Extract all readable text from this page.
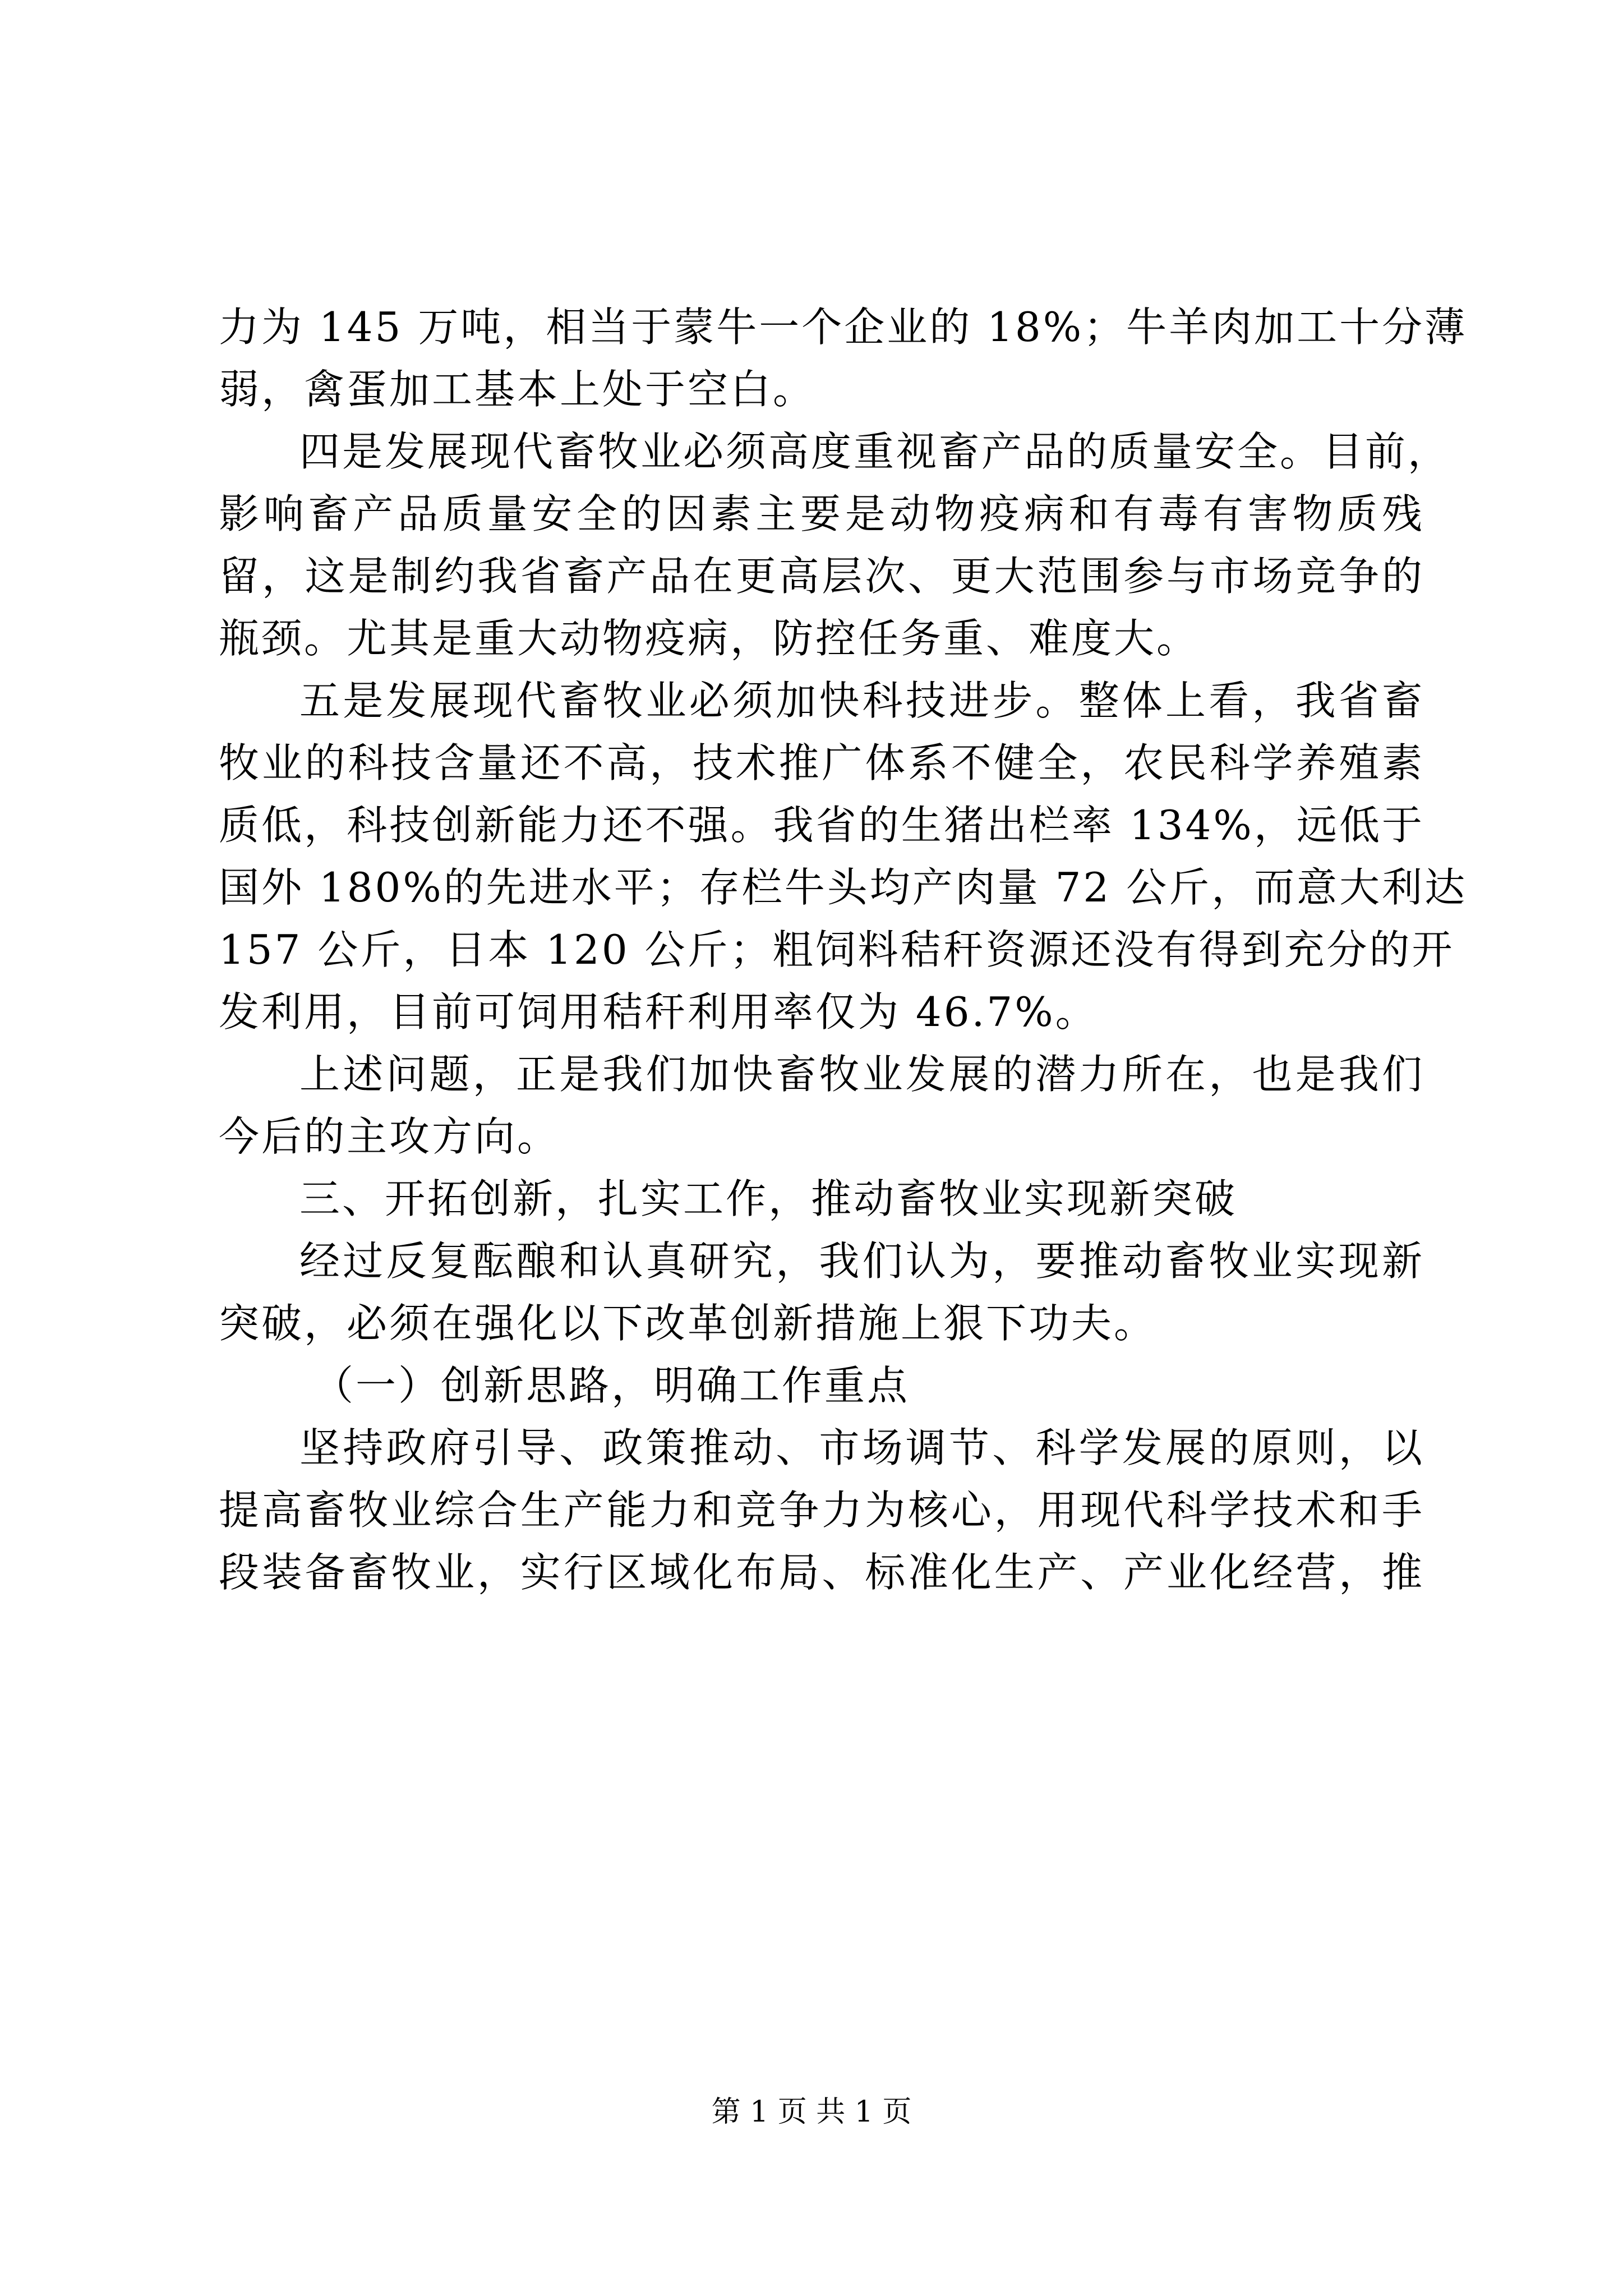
力为 145 万吨，相当于蒙牛一个企业的 18%；牛羊肉加工十分薄
弱，禽蛋加工基本上处于空白。
四是发展现代畜牧业必须高度重视畜产品的质量安全。目前，
影响畜产品质量安全的因素主要是动物疫病和有毒有害物质残
留，这是制约我省畜产品在更高层次、更大范围参与市场竞争的
瓶颈。尤其是重大动物疫病，防控任务重、难度大。
五是发展现代畜牧业必须加快科技进步。整体上看，我省畜
牧业的科技含量还不高，技术推广体系不健全，农民科学养殖素
质低，科技创新能力还不强。我省的生猪出栏率 134%，远低于
国外 180%的先进水平；存栏牛头均产肉量 72 公斤，而意大利达
157 公斤，日本 120 公斤；粗饲料秸秆资源还没有得到充分的开
发利用，目前可饲用秸秆利用率仅为 46.7%。
上述问题，正是我们加快畜牧业发展的潜力所在，也是我们
今后的主攻方向。
三、开拓创新，扎实工作，推动畜牧业实现新突破
经过反复酝酿和认真研究，我们认为，要推动畜牧业实现新
突破，必须在强化以下改革创新措施上狠下功夫。
（一）创新思路，明确工作重点
坚持政府引导、政策推动、市场调节、科学发展的原则，以
提高畜牧业综合生产能力和竞争力为核心，用现代科学技术和手
段装备畜牧业，实行区域化布局、标准化生产、产业化经营，推
第 1 页 共 1 页
